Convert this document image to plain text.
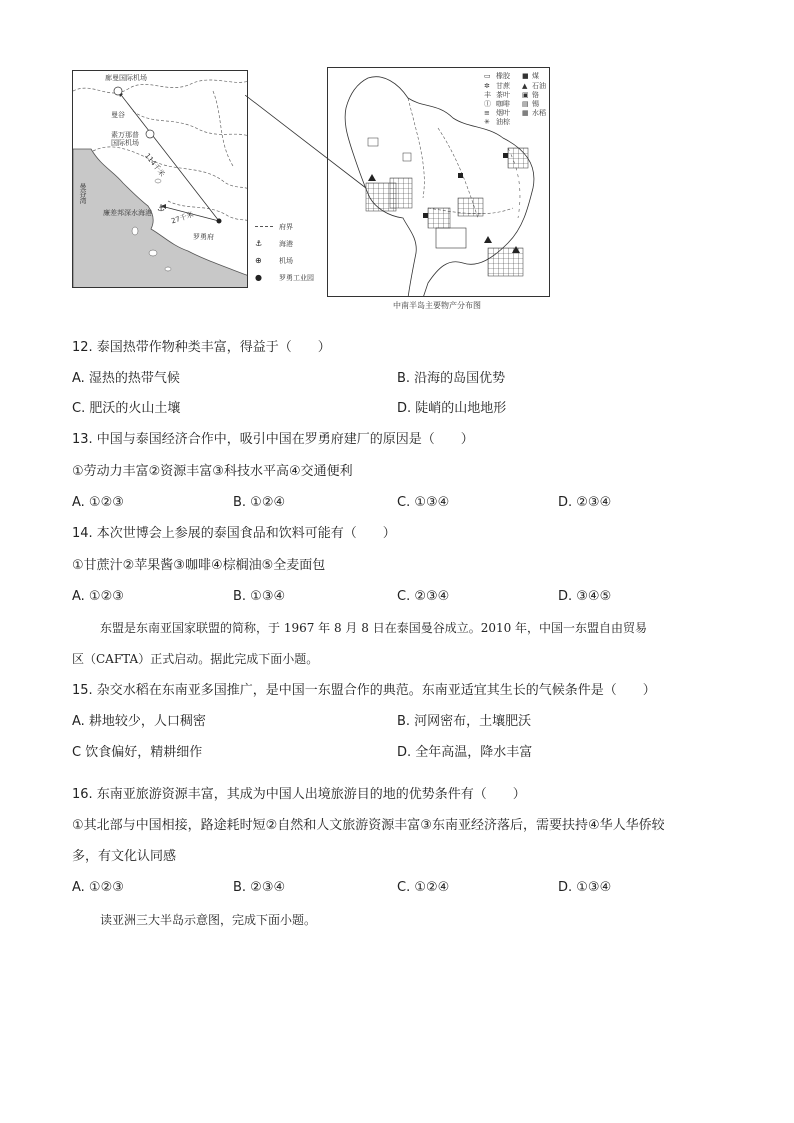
⚓
廊曼国际机场
曼谷
素万那普
国际机场
曼谷湾
廉差邦深水海港
罗勇府
114千米
27千米
府界
⚓	海港
⊕	机场
●	罗勇工业园
▭ 橡胶 ■ 煤
✲ 甘蔗 ▲ 石油
丰 茶叶 ▣ 铬
Ⓘ 咖啡 ▤ 锡
≡ 烟叶 ▦ 水稻
✳ 油棕
中南半岛主要物产分布图
12. 泰国热带作物种类丰富，得益于（　　）
A. 湿热的热带气候	B. 沿海的岛国优势
C. 肥沃的火山土壤	D. 陡峭的山地地形
13. 中国与泰国经济合作中，吸引中国在罗勇府建厂的原因是（　　）
①劳动力丰富②资源丰富③科技水平高④交通便利
A. ①②③	B. ①②④	C. ①③④	D. ②③④
14. 本次世博会上参展的泰国食品和饮料可能有（　　）
①甘蔗汁②苹果酱③咖啡④棕榈油⑤全麦面包
A. ①②③	B. ①③④	C. ②③④	D. ③④⑤
东盟是东南亚国家联盟的简称，于 1967 年 8 月 8 日在泰国曼谷成立。2010 年，中国一东盟自由贸易
区（CAFTA）正式启动。据此完成下面小题。
15. 杂交水稻在东南亚多国推广，是中国一东盟合作的典范。东南亚适宜其生长的气候条件是（　　）
A. 耕地较少，人口稠密	B. 河网密布，土壤肥沃
C 饮食偏好，精耕细作	D. 全年高温，降水丰富
16. 东南亚旅游资源丰富，其成为中国人出境旅游目的地的优势条件有（　　）
①其北部与中国相接，路途耗时短②自然和人文旅游资源丰富③东南亚经济落后，需要扶持④华人华侨较
多，有文化认同感
A. ①②③	B. ②③④	C. ①②④	D. ①③④
读亚洲三大半岛示意图，完成下面小题。
